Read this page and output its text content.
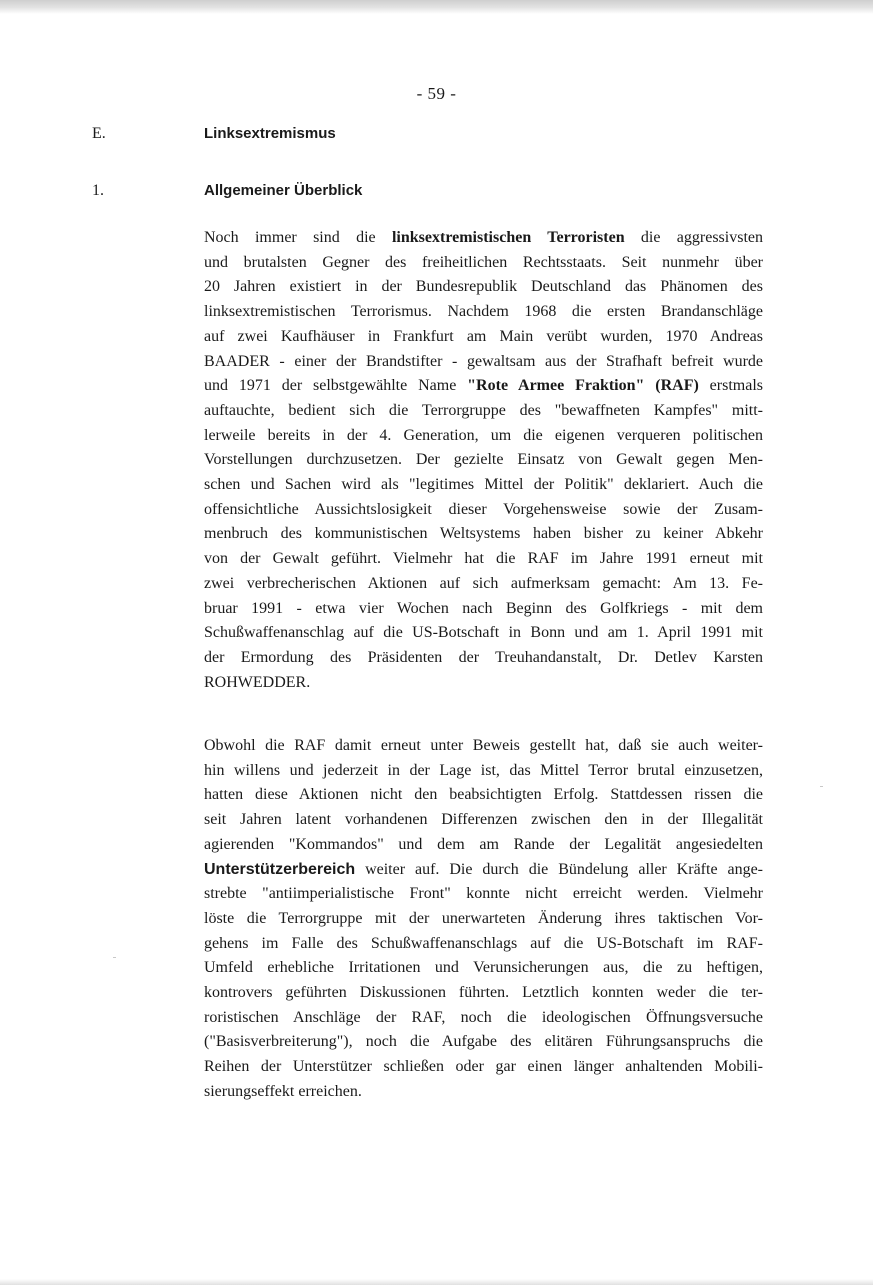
- 59 -
E.	Linksextremismus
1.	Allgemeiner Überblick
Noch immer sind die linksextremistischen Terroristen die aggressivsten
und brutalsten Gegner des freiheitlichen Rechtsstaats. Seit nunmehr über
20 Jahren existiert in der Bundesrepublik Deutschland das Phänomen des
linksextremistischen Terrorismus. Nachdem 1968 die ersten Brandanschläge
auf zwei Kaufhäuser in Frankfurt am Main verübt wurden, 1970 Andreas
BAADER - einer der Brandstifter - gewaltsam aus der Strafhaft befreit wurde
und 1971 der selbstgewählte Name "Rote Armee Fraktion" (RAF) erstmals
auftauchte, bedient sich die Terrorgruppe des "bewaffneten Kampfes" mitt-
lerweile bereits in der 4. Generation, um die eigenen verqueren politischen
Vorstellungen durchzusetzen. Der gezielte Einsatz von Gewalt gegen Men-
schen und Sachen wird als "legitimes Mittel der Politik" deklariert. Auch die
offensichtliche Aussichtslosigkeit dieser Vorgehensweise sowie der Zusam-
menbruch des kommunistischen Weltsystems haben bisher zu keiner Abkehr
von der Gewalt geführt. Vielmehr hat die RAF im Jahre 1991 erneut mit
zwei verbrecherischen Aktionen auf sich aufmerksam gemacht: Am 13. Fe-
bruar 1991 - etwa vier Wochen nach Beginn des Golfkriegs - mit dem
Schußwaffenanschlag auf die US-Botschaft in Bonn und am 1. April 1991 mit
der Ermordung des Präsidenten der Treuhandanstalt, Dr. Detlev Karsten
ROHWEDDER.
Obwohl die RAF damit erneut unter Beweis gestellt hat, daß sie auch weiter-
hin willens und jederzeit in der Lage ist, das Mittel Terror brutal einzusetzen,
hatten diese Aktionen nicht den beabsichtigten Erfolg. Stattdessen rissen die
seit Jahren latent vorhandenen Differenzen zwischen den in der Illegalität
agierenden "Kommandos" und dem am Rande der Legalität angesiedelten
Unterstützerbereich weiter auf. Die durch die Bündelung aller Kräfte ange-
strebte "antiimperialistische Front" konnte nicht erreicht werden. Vielmehr
löste die Terrorgruppe mit der unerwarteten Änderung ihres taktischen Vor-
gehens im Falle des Schußwaffenanschlags auf die US-Botschaft im RAF-
Umfeld erhebliche Irritationen und Verunsicherungen aus, die zu heftigen,
kontrovers geführten Diskussionen führten. Letztlich konnten weder die ter-
roristischen Anschläge der RAF, noch die ideologischen Öffnungsversuche
("Basisverbreiterung"), noch die Aufgabe des elitären Führungsanspruchs die
Reihen der Unterstützer schließen oder gar einen länger anhaltenden Mobili-
sierungseffekt erreichen.
